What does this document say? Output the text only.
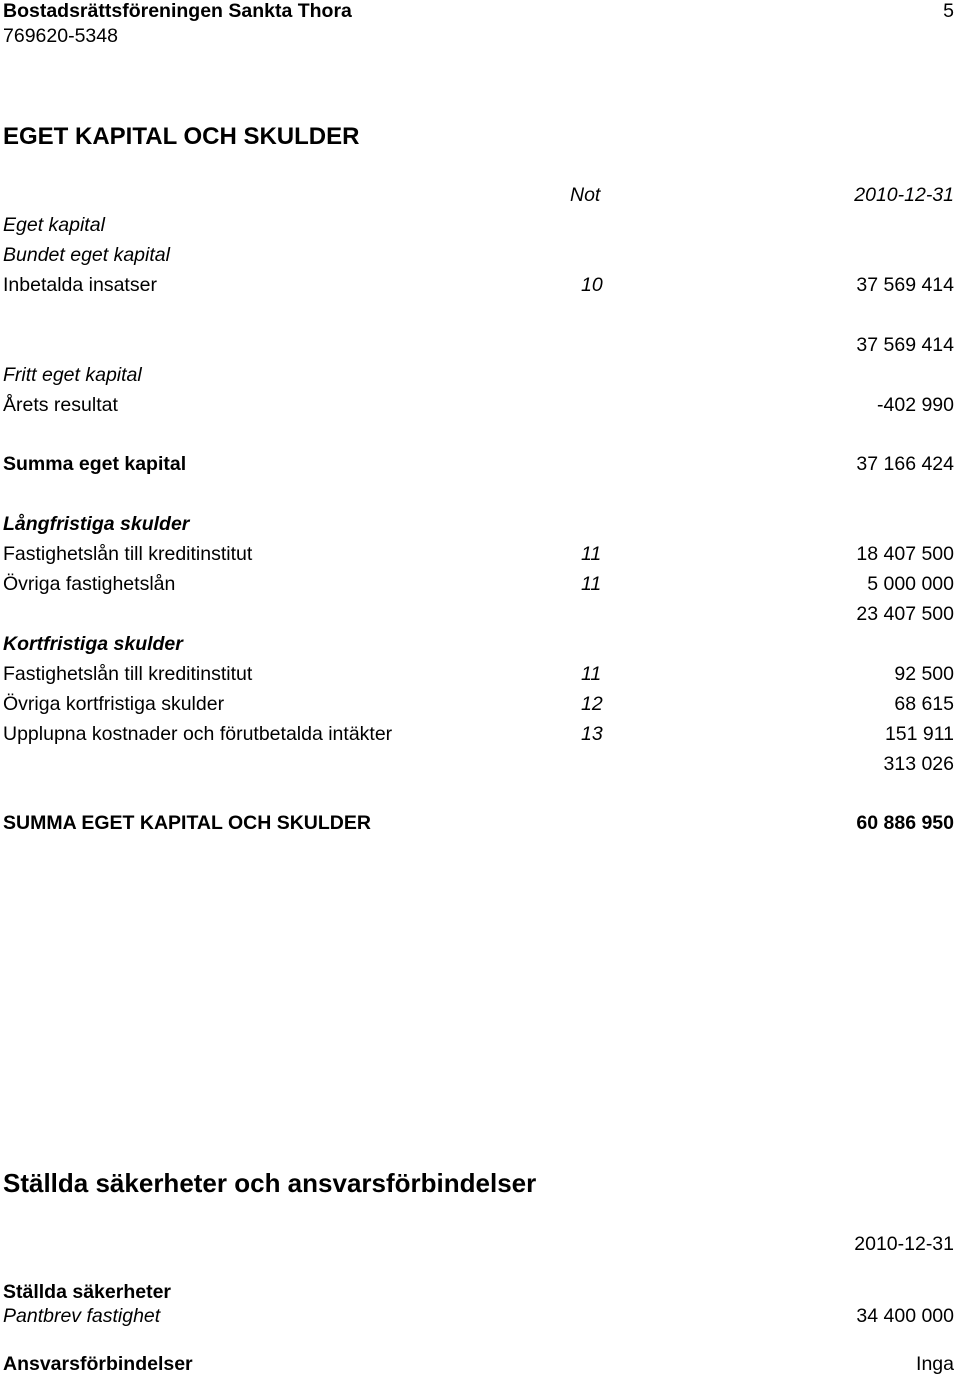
Bostadsrättsföreningen Sankta Thora	5
769620-5348
EGET KAPITAL OCH SKULDER
Not	2010-12-31
Eget kapital
Bundet eget kapital
Inbetalda insatser	10	37 569 414
37 569 414
Fritt eget kapital
Årets resultat	-402 990
Summa eget kapital	37 166 424
Långfristiga skulder
Fastighetslån till kreditinstitut	11	18 407 500
Övriga fastighetslån	11	5 000 000
23 407 500
Kortfristiga skulder
Fastighetslån till kreditinstitut	11	92 500
Övriga kortfristiga skulder	12	68 615
Upplupna kostnader och förutbetalda intäkter	13	151 911
313 026
SUMMA EGET KAPITAL OCH SKULDER	60 886 950
Ställda säkerheter och ansvarsförbindelser
2010-12-31
Ställda säkerheter
Pantbrev fastighet	34 400 000
Ansvarsförbindelser	Inga
